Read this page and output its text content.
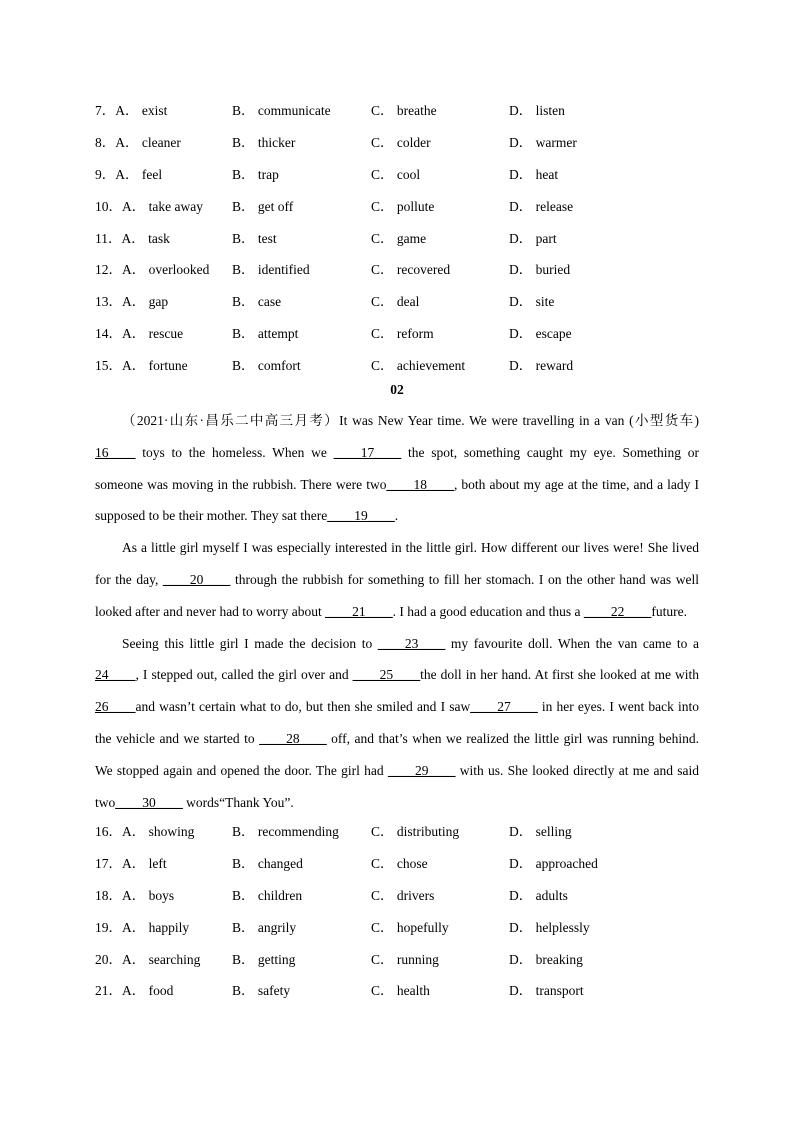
7．A． exist	B． communicate	C． breathe	D． listen
8．A． cleaner	B． thicker	C． colder	D． warmer
9．A． feel	B． trap	C． cool	D． heat
10．A． take away B． get off	C． pollute	D． release
11．A． task	B． test	C． game	D． part
12．A． overlooked B． identified	C． recovered	D． buried
13．A． gap	B． case	C． deal	D． site
14．A． rescue	B． attempt	C． reform	D． escape
15．A． fortune	B． comfort	C． achievement	D． reward
02

（2021·山东·昌乐二中高三月考）It was New Year time. We were travelling in a van (小型货车) 16____ toys to the homeless. When we ____17____ the spot, something caught my eye. Something or someone was moving in the rubbish. There were two____18____, both about my age at the time, and a lady I supposed to be their mother. They sat there____19____.

As a little girl myself I was especially interested in the little girl. How different our lives were! She lived for the day, ____20____ through the rubbish for something to fill her stomach. I on the other hand was well looked after and never had to worry about ____21____. I had a good education and thus a ____22____future.

Seeing this little girl I made the decision to ____23____ my favourite doll. When the van came to a 24____, I stepped out, called the girl over and ____25____the doll in her hand. At first she looked at me with 26____and wasn’t certain what to do, but then she smiled and I saw____27____ in her eyes. I went back into the vehicle and we started to ____28____ off, and that’s when we realized the little girl was running behind. We stopped again and opened the door. The girl had ____29____ with us. She looked directly at me and said two____30____ words“Thank You”.

16．A． showing	B． recommending C． distributing	D． selling
17．A． left	B． changed	C． chose	D． approached
18．A． boys	B． children	C． drivers	D． adults
19．A． happily	B． angrily	C． hopefully	D． helplessly
20．A． searching B． getting	C． running	D． breaking
21．A． food	B． safety	C． health	D． transport
